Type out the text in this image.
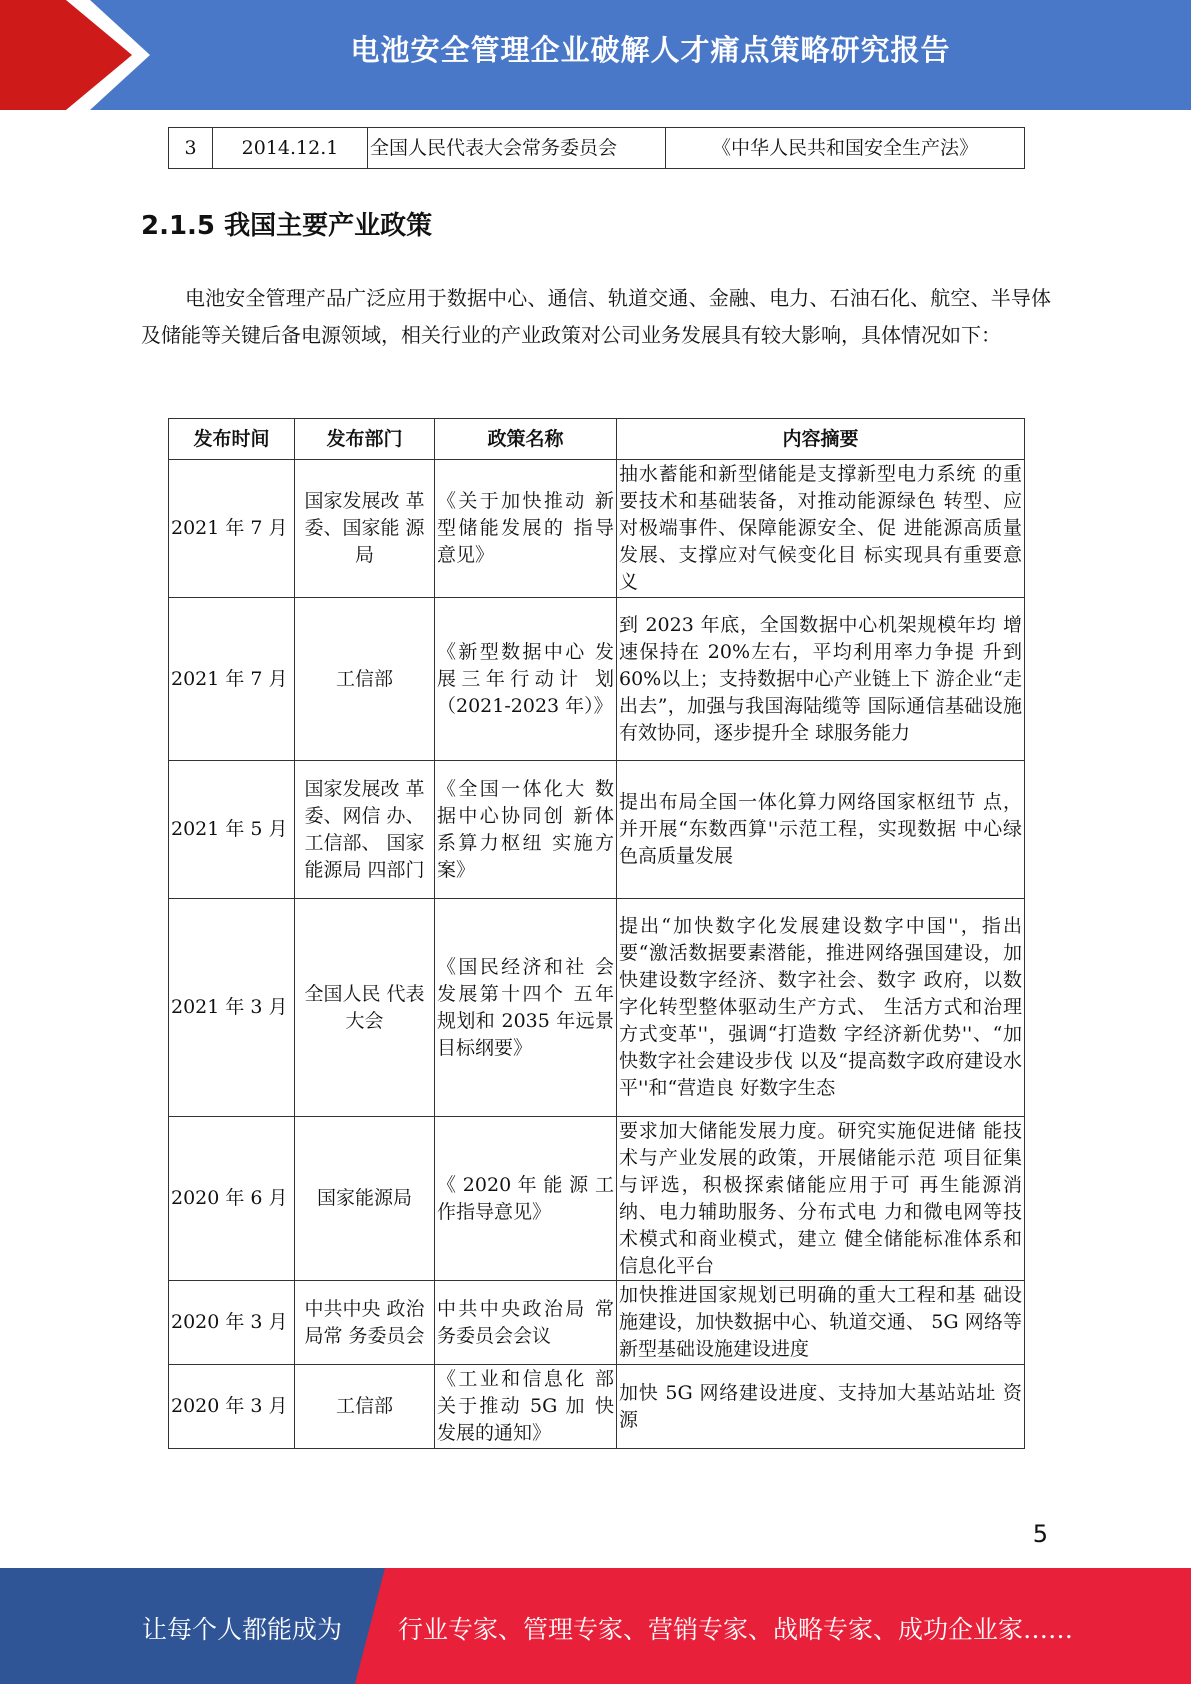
电池安全管理企业破解人才痛点策略研究报告
3	2014.12.1	全国人民代表大会常务委员会	《中华人民共和国安全生产法》
2.1.5 我国主要产业政策

电池安全管理产品广泛应用于数据中心、通信、轨道交通、金融、电力、石油石化、航空、半导体及储能等关键后备电源领域，相关行业的产业政策对公司业务发展具有较大影响，具体情况如下：

发布时间	发布部门	政策名称	内容摘要
2021 年 7 月	国家发展改 革委、国家能 源局	《关于加快推动 新型储能发展的 指导意见》	抽水蓄能和新型储能是支撑新型电力系统 的重要技术和基础装备，对推动能源绿色 转型、应对极端事件、保障能源安全、促 进能源高质量发展、支撑应对气候变化目 标实现具有重要意义
2021 年 7 月	工信部	《新型数据中心 发展三年行动计 划（2021-2023 年）》	到 2023 年底，全国数据中心机架规模年均 增速保持在 20%左右，平均利用率力争提 升到 60%以上；支持数据中心产业链上下 游企业“走出去”，加强与我国海陆缆等 国际通信基础设施有效协同，逐步提升全 球服务能力
2021 年 5 月	国家发展改 革委、网信 办、工信部、 国家能源局 四部门	《全国一体化大 数据中心协同创 新体系算力枢纽 实施方案》	提出布局全国一体化算力网络国家枢纽节 点，并开展“东数西算''示范工程，实现数据 中心绿色高质量发展
2021 年 3 月	全国人民 代表大会	《国民经济和社 会发展第十四个 五年规划和 2035 年远景目标纲要》	提出“加快数字化发展建设数字中国''，指出要“激活数据要素潜能，推进网络强国建设，加快建设数字经济、数字社会、数字 政府，以数字化转型整体驱动生产方式、 生活方式和治理方式变革''，强调“打造数 字经济新优势''、“加快数字社会建设步伐 以及“提高数字政府建设水平''和“营造良 好数字生态
2020 年 6 月	国家能源局	《 2020 年 能 源 工作指导意见》	要求加大储能发展力度。研究实施促进储 能技术与产业发展的政策，开展储能示范 项目征集与评选，积极探索储能应用于可 再生能源消纳、电力辅助服务、分布式电 力和微电网等技术模式和商业模式，建立 健全储能标准体系和信息化平台
2020 年 3 月	中共中央 政治局常 务委员会	中共中央政治局 常务委员会会议	加快推进国家规划已明确的重大工程和基 础设施建设，加快数据中心、轨道交通、 5G 网络等新型基础设施建设进度
2020 年 3 月	工信部	《工业和信息化 部关于推动 5G 加 快发展的通知》	加快 5G 网络建设进度、支持加大基站站址 资源
5
让每个人都能成为 行业专家、管理专家、营销专家、战略专家、成功企业家……
